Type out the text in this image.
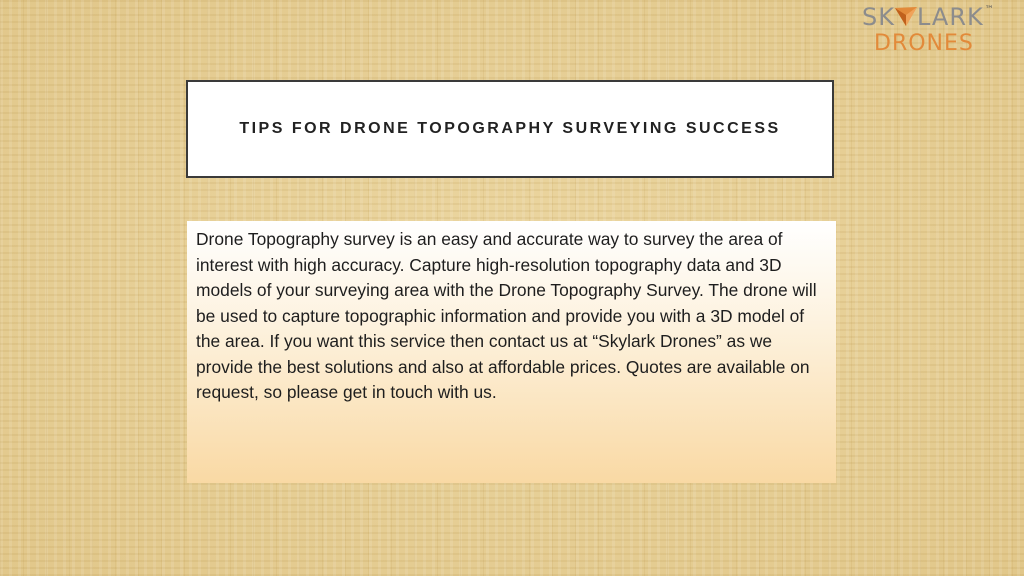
SK LARK ™
DRONES
TIPS FOR DRONE TOPOGRAPHY SURVEYING SUCCESS

Drone Topography survey is an easy and accurate way to survey the area of interest with high accuracy. Capture high-resolution topography data and 3D models of your surveying area with the Drone Topography Survey. The drone will be used to capture topographic information and provide you with a 3D model of the area. If you want this service then contact us at “Skylark Drones” as we provide the best solutions and also at affordable prices. Quotes are available on request, so please get in touch with us.
